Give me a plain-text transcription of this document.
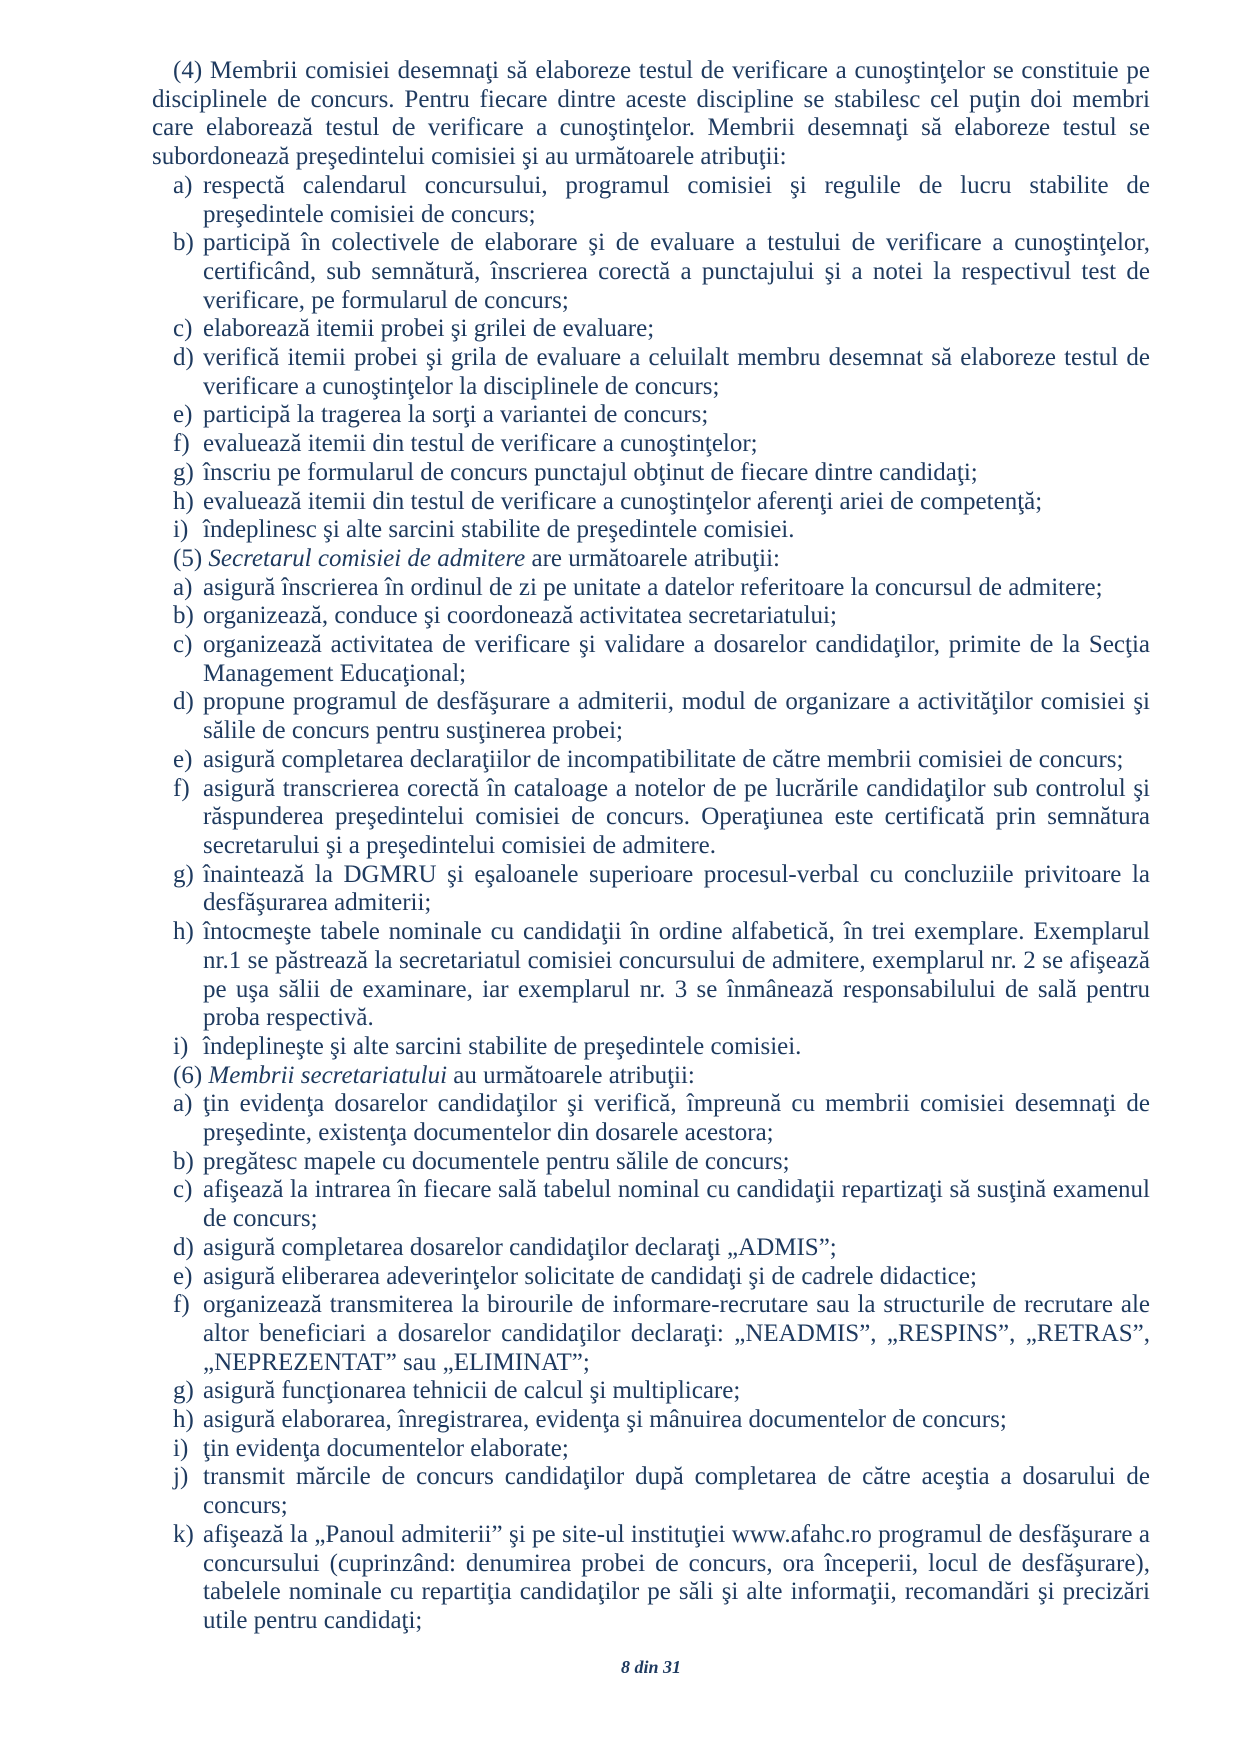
(4) Membrii comisiei desemnaţi să elaboreze testul de verificare a cunoştinţelor se constituie pe disciplinele de concurs. Pentru fiecare dintre aceste discipline se stabilesc cel puţin doi membri care elaborează testul de verificare a cunoştinţelor. Membrii desemnaţi să elaboreze testul se subordonează preşedintelui comisiei şi au următoarele atribuţii:

a) respectă calendarul concursului, programul comisiei şi regulile de lucru stabilite de preşedintele comisiei de concurs;
b) participă în colectivele de elaborare şi de evaluare a testului de verificare a cunoştinţelor, certificând, sub semnătură, înscrierea corectă a punctajului şi a notei la respectivul test de verificare, pe formularul de concurs;
c) elaborează itemii probei şi grilei de evaluare;
d) verifică itemii probei şi grila de evaluare a celuilalt membru desemnat să elaboreze testul de verificare a cunoştinţelor la disciplinele de concurs;
e) participă la tragerea la sorţi a variantei de concurs;
f) evaluează itemii din testul de verificare a cunoştinţelor;
g) înscriu pe formularul de concurs punctajul obţinut de fiecare dintre candidaţi;
h) evaluează itemii din testul de verificare a cunoştinţelor aferenţi ariei de competenţă;
i) îndeplinesc şi alte sarcini stabilite de preşedintele comisiei.

(5) Secretarul comisiei de admitere are următoarele atribuţii:

a) asigură înscrierea în ordinul de zi pe unitate a datelor referitoare la concursul de admitere;
b) organizează, conduce şi coordonează activitatea secretariatului;
c) organizează activitatea de verificare şi validare a dosarelor candidaţilor, primite de la Secţia Management Educaţional;
d) propune programul de desfăşurare a admiterii, modul de organizare a activităţilor comisiei şi sălile de concurs pentru susţinerea probei;
e) asigură completarea declaraţiilor de incompatibilitate de către membrii comisiei de concurs;
f) asigură transcrierea corectă în cataloage a notelor de pe lucrările candidaţilor sub controlul şi răspunderea preşedintelui comisiei de concurs. Operaţiunea este certificată prin semnătura secretarului şi a preşedintelui comisiei de admitere.
g) înaintează la DGMRU şi eşaloanele superioare procesul-verbal cu concluziile privitoare la desfăşurarea admiterii;
h) întocmeşte tabele nominale cu candidaţii în ordine alfabetică, în trei exemplare. Exemplarul nr.1 se păstrează la secretariatul comisiei concursului de admitere, exemplarul nr. 2 se afişează pe uşa sălii de examinare, iar exemplarul nr. 3 se înmânează responsabilului de sală pentru proba respectivă.
i) îndeplineşte şi alte sarcini stabilite de preşedintele comisiei.

(6) Membrii secretariatului au următoarele atribuţii:

a) ţin evidenţa dosarelor candidaţilor şi verifică, împreună cu membrii comisiei desemnaţi de preşedinte, existenţa documentelor din dosarele acestora;
b) pregătesc mapele cu documentele pentru sălile de concurs;
c) afişează la intrarea în fiecare sală tabelul nominal cu candidaţii repartizaţi să susţină examenul de concurs;
d) asigură completarea dosarelor candidaţilor declaraţi „ADMIS”;
e) asigură eliberarea adeverinţelor solicitate de candidaţi şi de cadrele didactice;
f) organizează transmiterea la birourile de informare-recrutare sau la structurile de recrutare ale altor beneficiari a dosarelor candidaţilor declaraţi: „NEADMIS”, „RESPINS”, „RETRAS”, „NEPREZENTAT” sau „ELIMINAT”;
g) asigură funcţionarea tehnicii de calcul şi multiplicare;
h) asigură elaborarea, înregistrarea, evidenţa şi mânuirea documentelor de concurs;
i) ţin evidenţa documentelor elaborate;
j) transmit mărcile de concurs candidaţilor după completarea de către aceştia a dosarului de concurs;
k) afişează la „Panoul admiterii” şi pe site-ul instituţiei www.afahc.ro programul de desfăşurare a concursului (cuprinzând: denumirea probei de concurs, ora începerii, locul de desfăşurare), tabelele nominale cu repartiţia candidaţilor pe săli şi alte informaţii, recomandări şi precizări utile pentru candidaţi;
8 din 31
